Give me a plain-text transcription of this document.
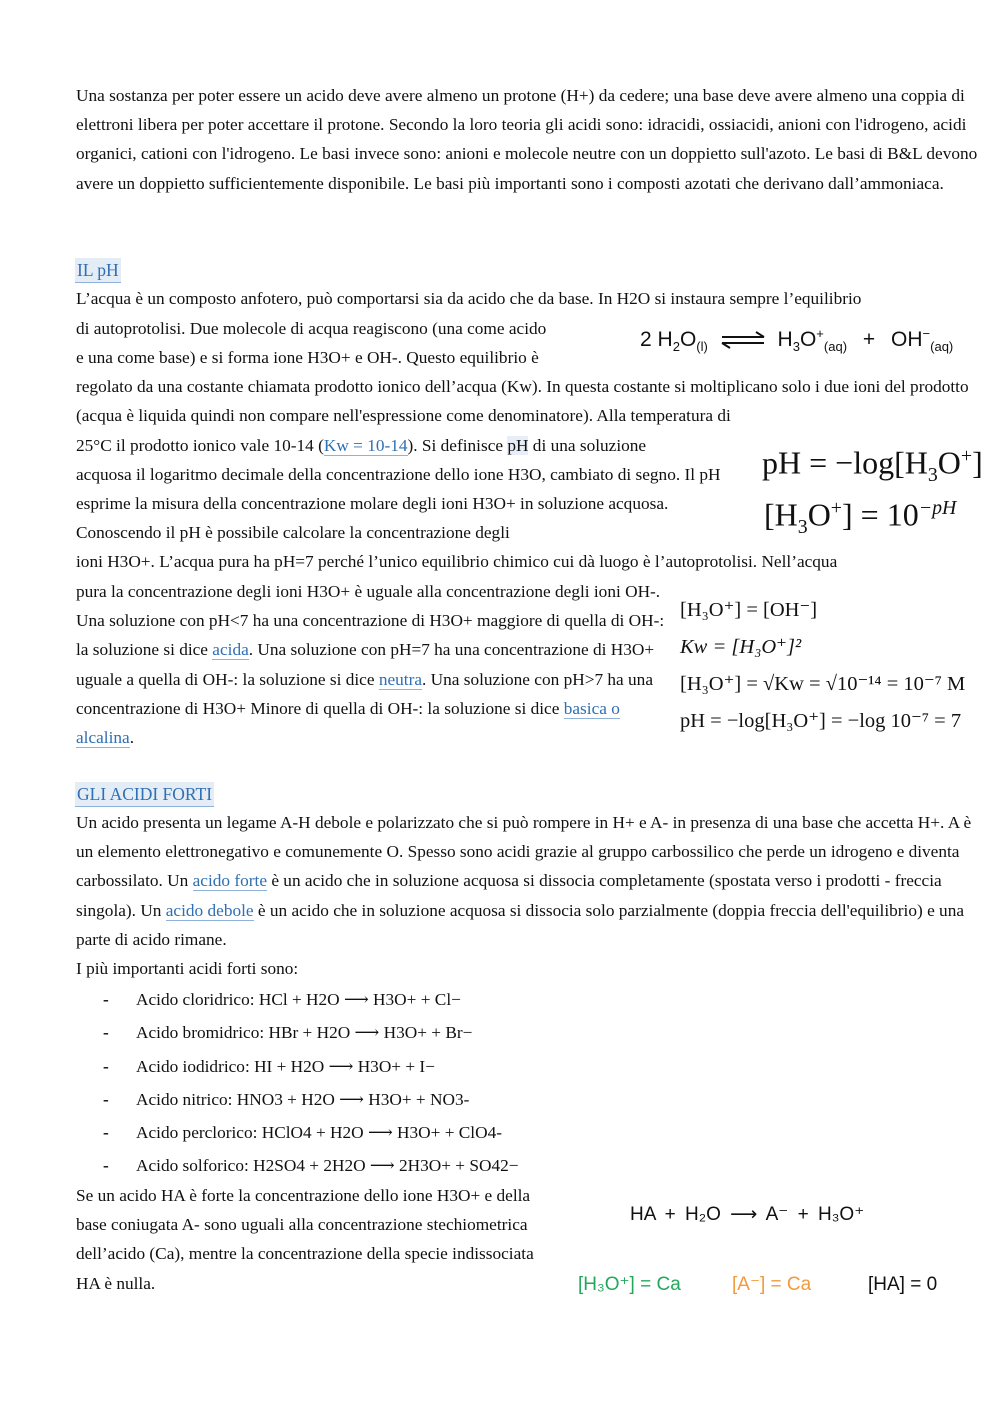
Una sostanza per poter essere un acido deve avere almeno un protone (H+) da cedere; una base deve avere almeno una coppia di elettroni libera per poter accettare il protone. Secondo la loro teoria gli acidi sono: idracidi, ossiacidi, anioni con l'idrogeno, acidi organici, cationi con l'idrogeno. Le basi invece sono: anioni e molecole neutre con un doppietto sull'azoto. Le basi di B&L devono avere un doppietto sufficientemente disponibile. Le basi più importanti sono i composti azotati che derivano dall’ammoniaca.

IL pH

L’acqua è un composto anfotero, può comportarsi sia da acido che da base. In H2O si instaura sempre l’equilibrio

di autoprotolisi. Due molecole di acqua reagiscono (una come acido

e una come base) e si forma ione H3O+ e OH-. Questo equilibrio è

2 $H_2O_{(l)}$ ⇌ $H_3O^+_{(aq)} + OH^-_{(aq)}$

regolato da una costante chiamata prodotto ionico dell’acqua (Kw). In questa costante si moltiplicano solo i due ioni del prodotto (acqua è liquida quindi non compare nell'espressione come denominatore). Alla temperatura di

25°C il prodotto ionico vale 10-14 (Kw = 10-14). Si definisce pH di una soluzione

acquosa il logaritmo decimale della concentrazione dello ione H3O, cambiato di segno. Il pH esprime la misura della concentrazione molare degli ioni H3O+ in soluzione acquosa. Conoscendo il pH è possibile calcolare la concentrazione degli

pH = $-\log[H_3O^+]$
$[H_3O^+] = 10^{-pH}$

ioni H3O+. L’acqua pura ha pH=7 perché l’unico equilibrio chimico cui dà luogo è l’autoprotolisi. Nell’acqua

pura la concentrazione degli ioni H3O+ è uguale alla concentrazione degli ioni OH-. Una soluzione con pH<7 ha una concentrazione di H3O+ maggiore di quella di OH-: la soluzione si dice acida. Una soluzione con pH=7 ha una concentrazione di H3O+ uguale a quella di OH-: la soluzione si dice neutra. Una soluzione con pH>7 ha una concentrazione di H3O+ Minore di quella di OH-: la soluzione si dice basica o alcalina.

[H₃O⁺] = [OH⁻]
Kw = [H₃O⁺]²
[H₃O⁺] = √Kw = √10⁻¹⁴ = 10⁻⁷ M
pH = −log[H₃O⁺] = −log 10⁻⁷ = 7
GLI ACIDI FORTI

Un acido presenta un legame A-H debole e polarizzato che si può rompere in H+ e A- in presenza di una base che accetta H+. A è un elemento elettronegativo e comunemente O. Spesso sono acidi grazie al gruppo carbossilico che perde un idrogeno e diventa carbossilato. Un acido forte è un acido che in soluzione acquosa si dissocia completamente (spostata verso i prodotti - freccia singola). Un acido debole è un acido che in soluzione acquosa si dissocia solo parzialmente (doppia freccia dell'equilibrio) e una parte di acido rimane.

I più importanti acidi forti sono:

- Acido cloridrico: HCl + H2O ⟶ H3O+ + Cl−
- Acido bromidrico: HBr + H2O ⟶ H3O+ + Br−
- Acido iodidrico: HI + H2O ⟶ H3O+ + I−
- Acido nitrico: HNO3 + H2O ⟶ H3O+ + NO3-
- Acido perclorico: HClO4 + H2O ⟶ H3O+ + ClO4-
- Acido solforico: H2SO4 + 2H2O ⟶ 2H3O+ + SO42−

Se un acido HA è forte la concentrazione dello ione H3O+ e della base coniugata A- sono uguali alla concentrazione stechiometrica dell’acido (Ca), mentre la concentrazione della specie indissociata HA è nulla.

HA + H₂O ⟶ A⁻ + H₃O⁺
[H₃O⁺] = Ca	[A⁻] = Ca	[HA] = 0
